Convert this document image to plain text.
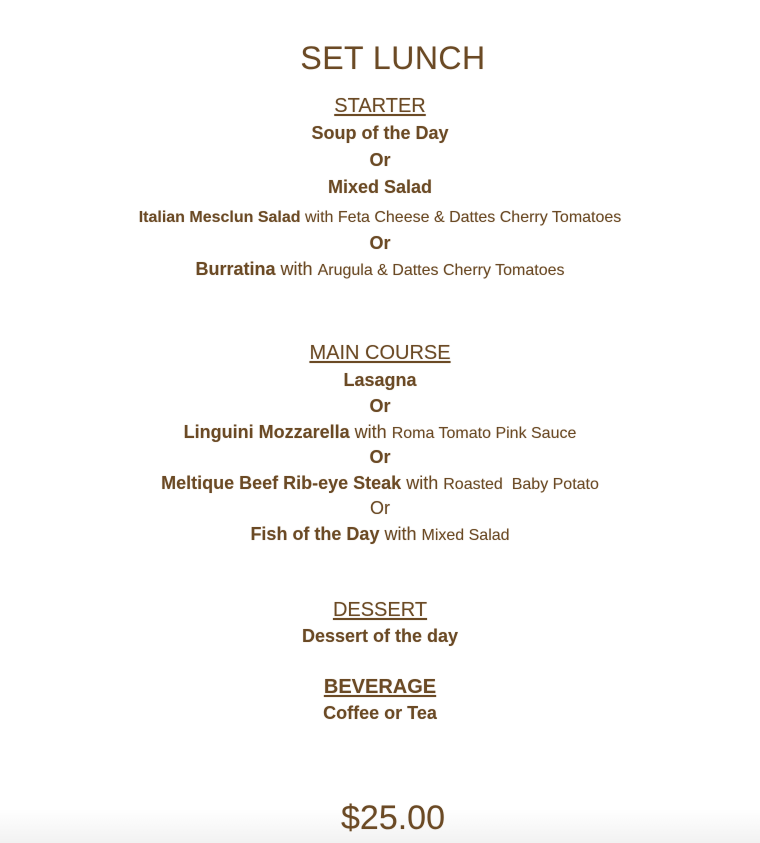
SET LUNCH
STARTER
Soup of the Day
Or
Mixed Salad
Italian Mesclun Salad with Feta Cheese & Dattes Cherry Tomatoes
Or
Burratina with Arugula & Dattes Cherry Tomatoes
MAIN COURSE
Lasagna
Or
Linguini Mozzarella with Roma Tomato Pink Sauce
Or
Meltique Beef Rib-eye Steak with Roasted  Baby Potato
Or
Fish of the Day with Mixed Salad
DESSERT
Dessert of the day
BEVERAGE
Coffee or Tea
$25.00
